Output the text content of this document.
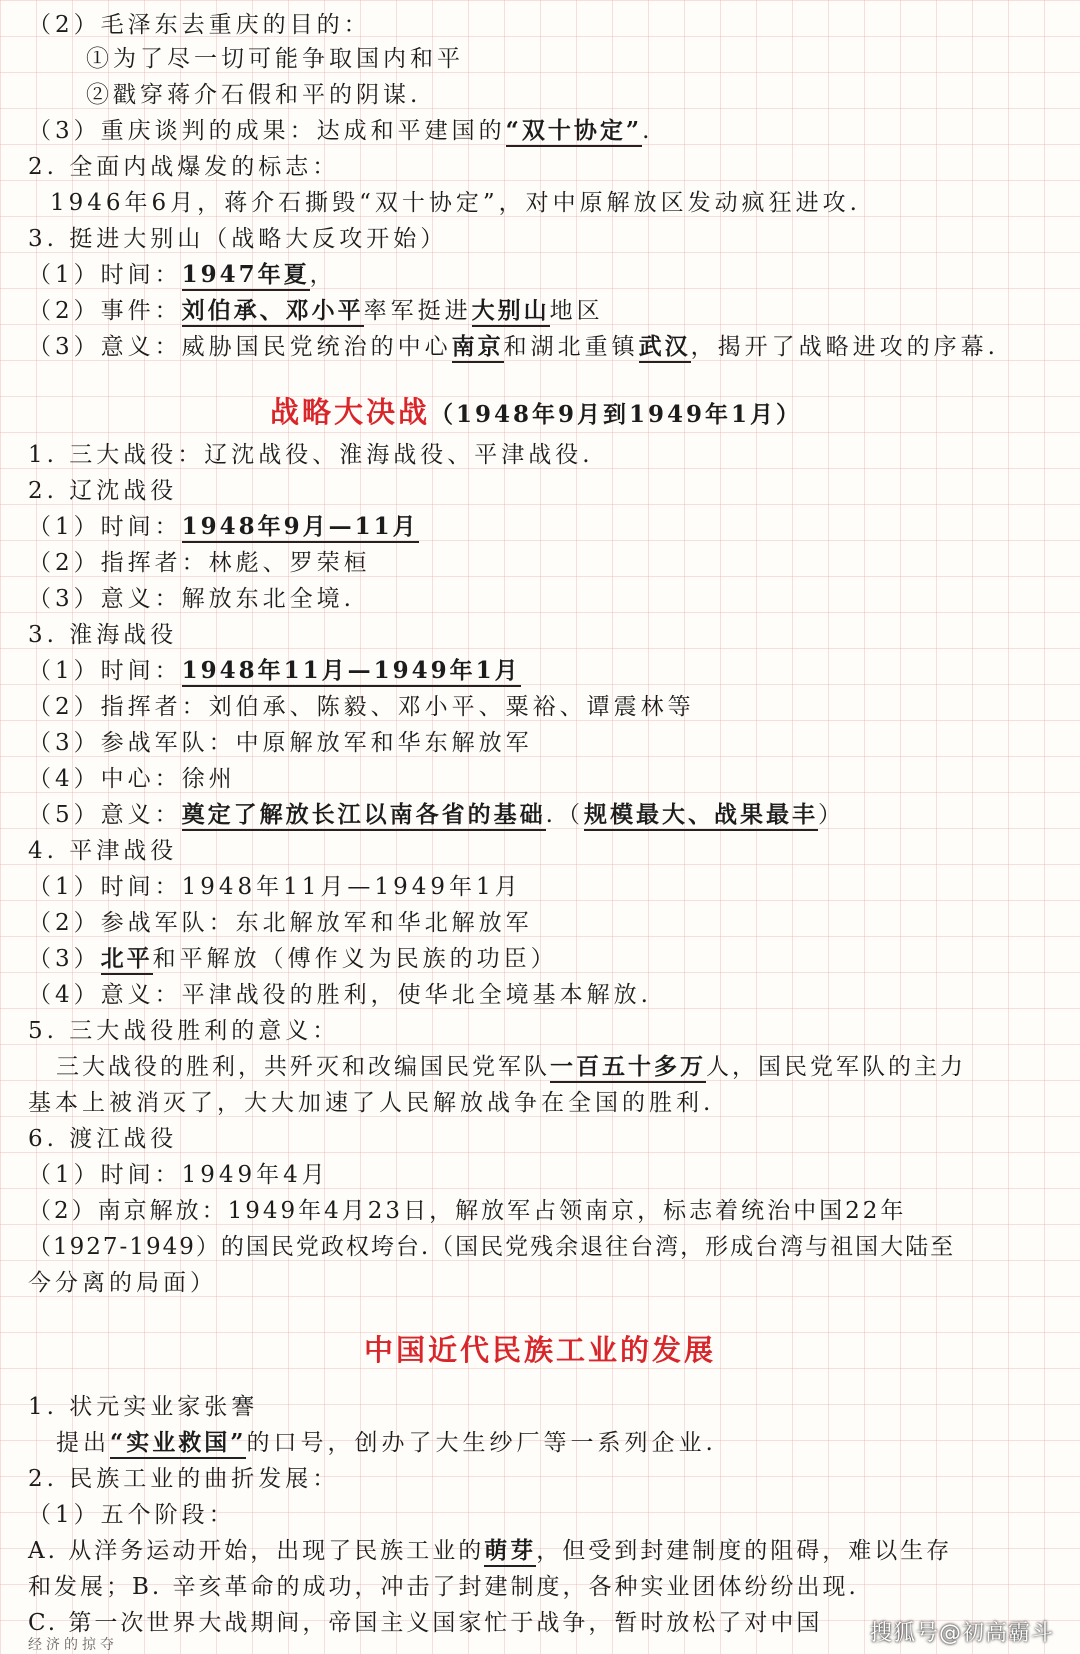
（2）毛泽东去重庆的目的：
①为了尽一切可能争取国内和平
②戳穿蒋介石假和平的阴谋.
（3）重庆谈判的成果：达成和平建国的“双十协定”.
2. 全面内战爆发的标志：
1946年6月，蒋介石撕毁“双十协定”，对中原解放区发动疯狂进攻.
3. 挺进大别山（战略大反攻开始）
（1）时间：1947年夏，
（2）事件：刘伯承、邓小平率军挺进大别山地区
（3）意义：威胁国民党统治的中心南京和湖北重镇武汉，揭开了战略进攻的序幕.
战略大决战（1948年9月到1949年1月）
1. 三大战役：辽沈战役、淮海战役、平津战役.
2. 辽沈战役
（1）时间：1948年9月—11月
（2）指挥者：林彪、罗荣桓
（3）意义：解放东北全境.
3. 淮海战役
（1）时间：1948年11月—1949年1月
（2）指挥者：刘伯承、陈毅、邓小平、粟裕、谭震林等
（3）参战军队：中原解放军和华东解放军
（4）中心：徐州
（5）意义：奠定了解放长江以南各省的基础.（规模最大、战果最丰）
4. 平津战役
（1）时间：1948年11月—1949年1月
（2）参战军队：东北解放军和华北解放军
（3）北平和平解放（傅作义为民族的功臣）
（4）意义：平津战役的胜利，使华北全境基本解放.
5. 三大战役胜利的意义：
三大战役的胜利，共歼灭和改编国民党军队一百五十多万人，国民党军队的主力
基本上被消灭了，大大加速了人民解放战争在全国的胜利.
6. 渡江战役
（1）时间：1949年4月
（2）南京解放：1949年4月23日，解放军占领南京，标志着统治中国22年
（1927-1949）的国民党政权垮台.（国民党残余退往台湾，形成台湾与祖国大陆至
今分离的局面）
中国近代民族工业的发展
1. 状元实业家张謇
提出“实业救国”的口号，创办了大生纱厂等一系列企业.
2. 民族工业的曲折发展：
（1）五个阶段：
A. 从洋务运动开始，出现了民族工业的萌芽，但受到封建制度的阻碍，难以生存
和发展；B. 辛亥革命的成功，冲击了封建制度，各种实业团体纷纷出现.
C. 第一次世界大战期间，帝国主义国家忙于战争，暂时放松了对中国
经济的掠夺	搜狐号@初高霸斗
